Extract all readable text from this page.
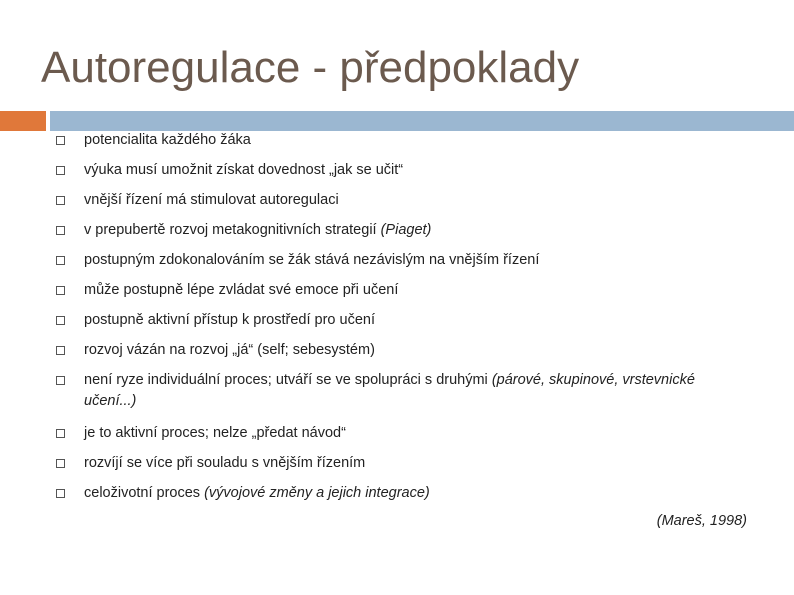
Autoregulace - předpoklady
potencialita každého žáka
výuka musí umožnit získat dovednost „jak se učit“
vnější řízení má stimulovat autoregulaci
v prepubertě rozvoj metakognitivních strategií (Piaget)
postupným zdokonalováním se žák stává nezávislým na vnějším řízení
může postupně lépe zvládat své emoce při učení
postupně aktivní přístup k prostředí pro učení
rozvoj vázán na rozvoj „já“ (self; sebesystém)
není ryze individuální proces; utváří se ve spolupráci s druhými (párové, skupinové, vrstevnické učení...)
je to aktivní proces; nelze „předat návod“
rozvíjí se více při souladu s vnějším řízením
celoživotní proces (vývojové změny a jejich integrace)
(Mareš, 1998)
